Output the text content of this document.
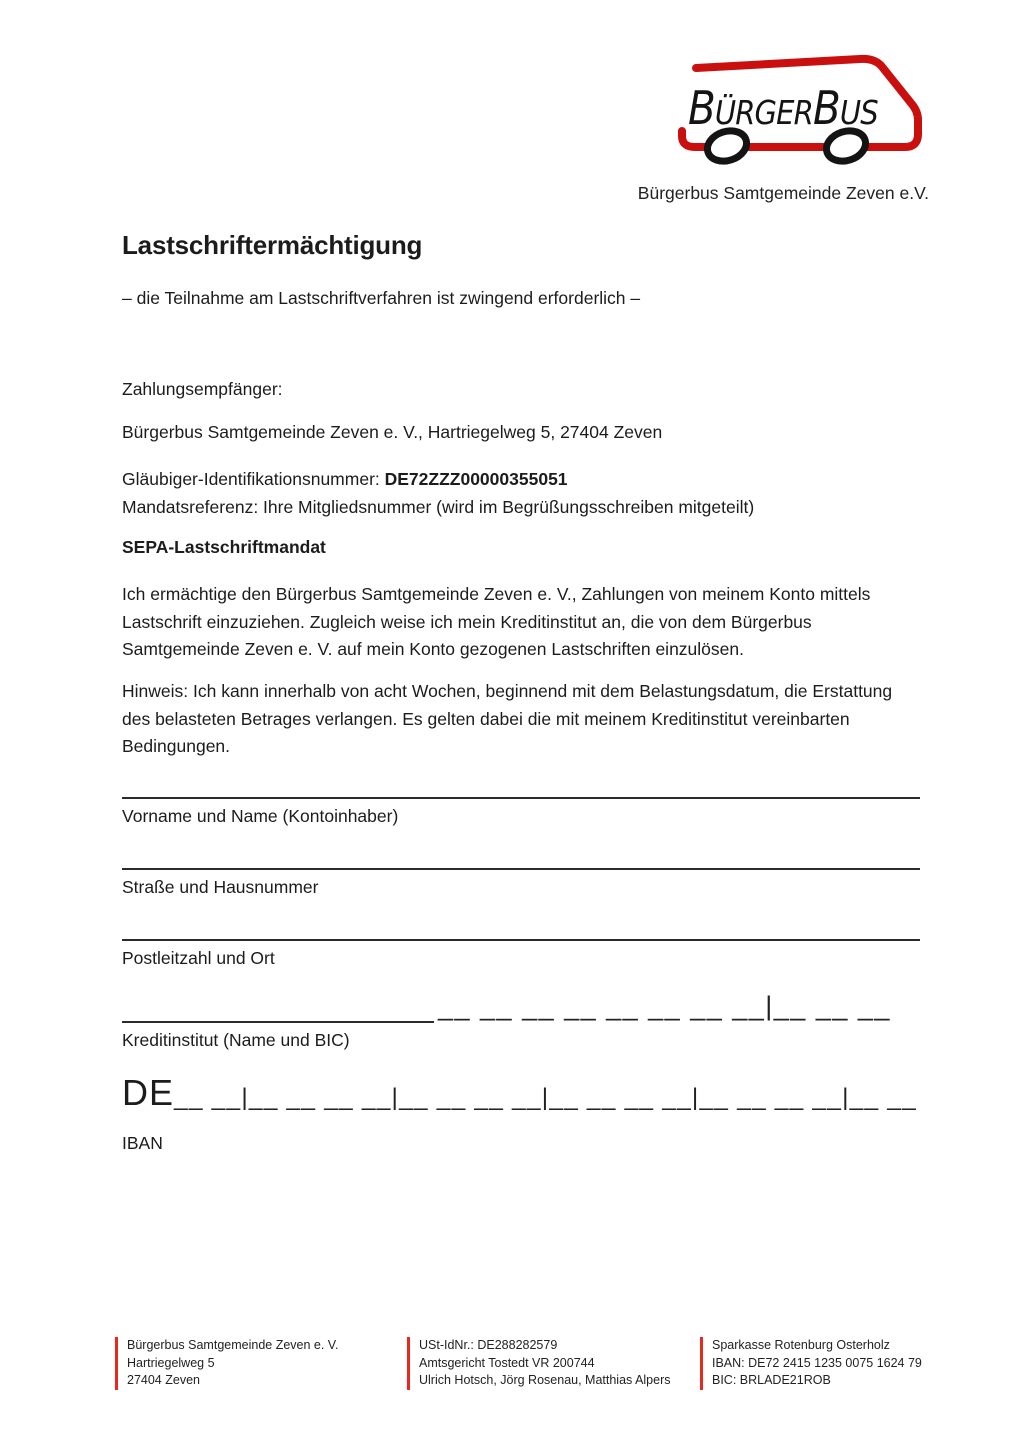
BÜRGERBUS
Bürgerbus Samtgemeinde Zeven e.V.
Lastschriftermächtigung
– die Teilnahme am Lastschriftverfahren ist zwingend erforderlich –
Zahlungsempfänger:
Bürgerbus Samtgemeinde Zeven e. V., Hartriegelweg 5, 27404 Zeven
Gläubiger-Identifikationsnummer: DE72ZZZ00000355051
Mandatsreferenz: Ihre Mitgliedsnummer (wird im Begrüßungsschreiben mitgeteilt)
SEPA-Lastschriftmandat

Ich ermächtige den Bürgerbus Samtgemeinde Zeven e. V., Zahlungen von meinem Konto mittels Lastschrift einzuziehen. Zugleich weise ich mein Kreditinstitut an, die von dem Bürgerbus Samtgemeinde Zeven e. V. auf mein Konto gezogenen Lastschriften einzulösen.

Hinweis: Ich kann innerhalb von acht Wochen, beginnend mit dem Belastungsdatum, die Erstattung des belasteten Betrages verlangen. Es gelten dabei die mit meinem Kreditinstitut vereinbarten Bedingungen.

Vorname und Name (Kontoinhaber)
Straße und Hausnummer
Postleitzahl und Ort
__ __ __ __ __ __ __ __|__ __ __
Kreditinstitut (Name und BIC)
DE__ __|__ __ __ __|__ __ __ __|__ __ __ __|__ __ __ __|__ __
IBAN
Bürgerbus Samtgemeinde Zeven e. V.
Hartriegelweg 5
27404 Zeven
USt-IdNr.: DE288282579
Amtsgericht Tostedt VR 200744
Ulrich Hotsch, Jörg Rosenau, Matthias Alpers
Sparkasse Rotenburg Osterholz
IBAN: DE72 2415 1235 0075 1624 79
BIC: BRLADE21ROB
